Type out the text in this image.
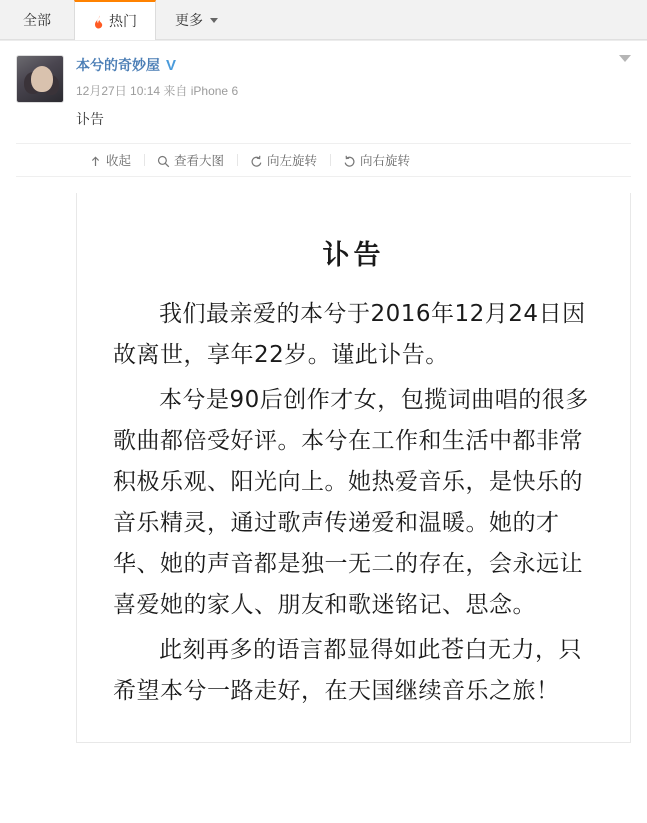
全部	热门	更多
本兮的奇妙屋 V
12月27日 10:14 来自 iPhone 6
讣告
收起	查看大图	向左旋转	向右旋转
讣告

我们最亲爱的本兮于2016年12月24日因故离世，享年22岁。谨此讣告。

本兮是90后创作才女，包揽词曲唱的很多歌曲都倍受好评。本兮在工作和生活中都非常积极乐观、阳光向上。她热爱音乐，是快乐的音乐精灵，通过歌声传递爱和温暖。她的才华、她的声音都是独一无二的存在，会永远让喜爱她的家人、朋友和歌迷铭记、思念。

此刻再多的语言都显得如此苍白无力，只希望本兮一路走好，在天国继续音乐之旅！
